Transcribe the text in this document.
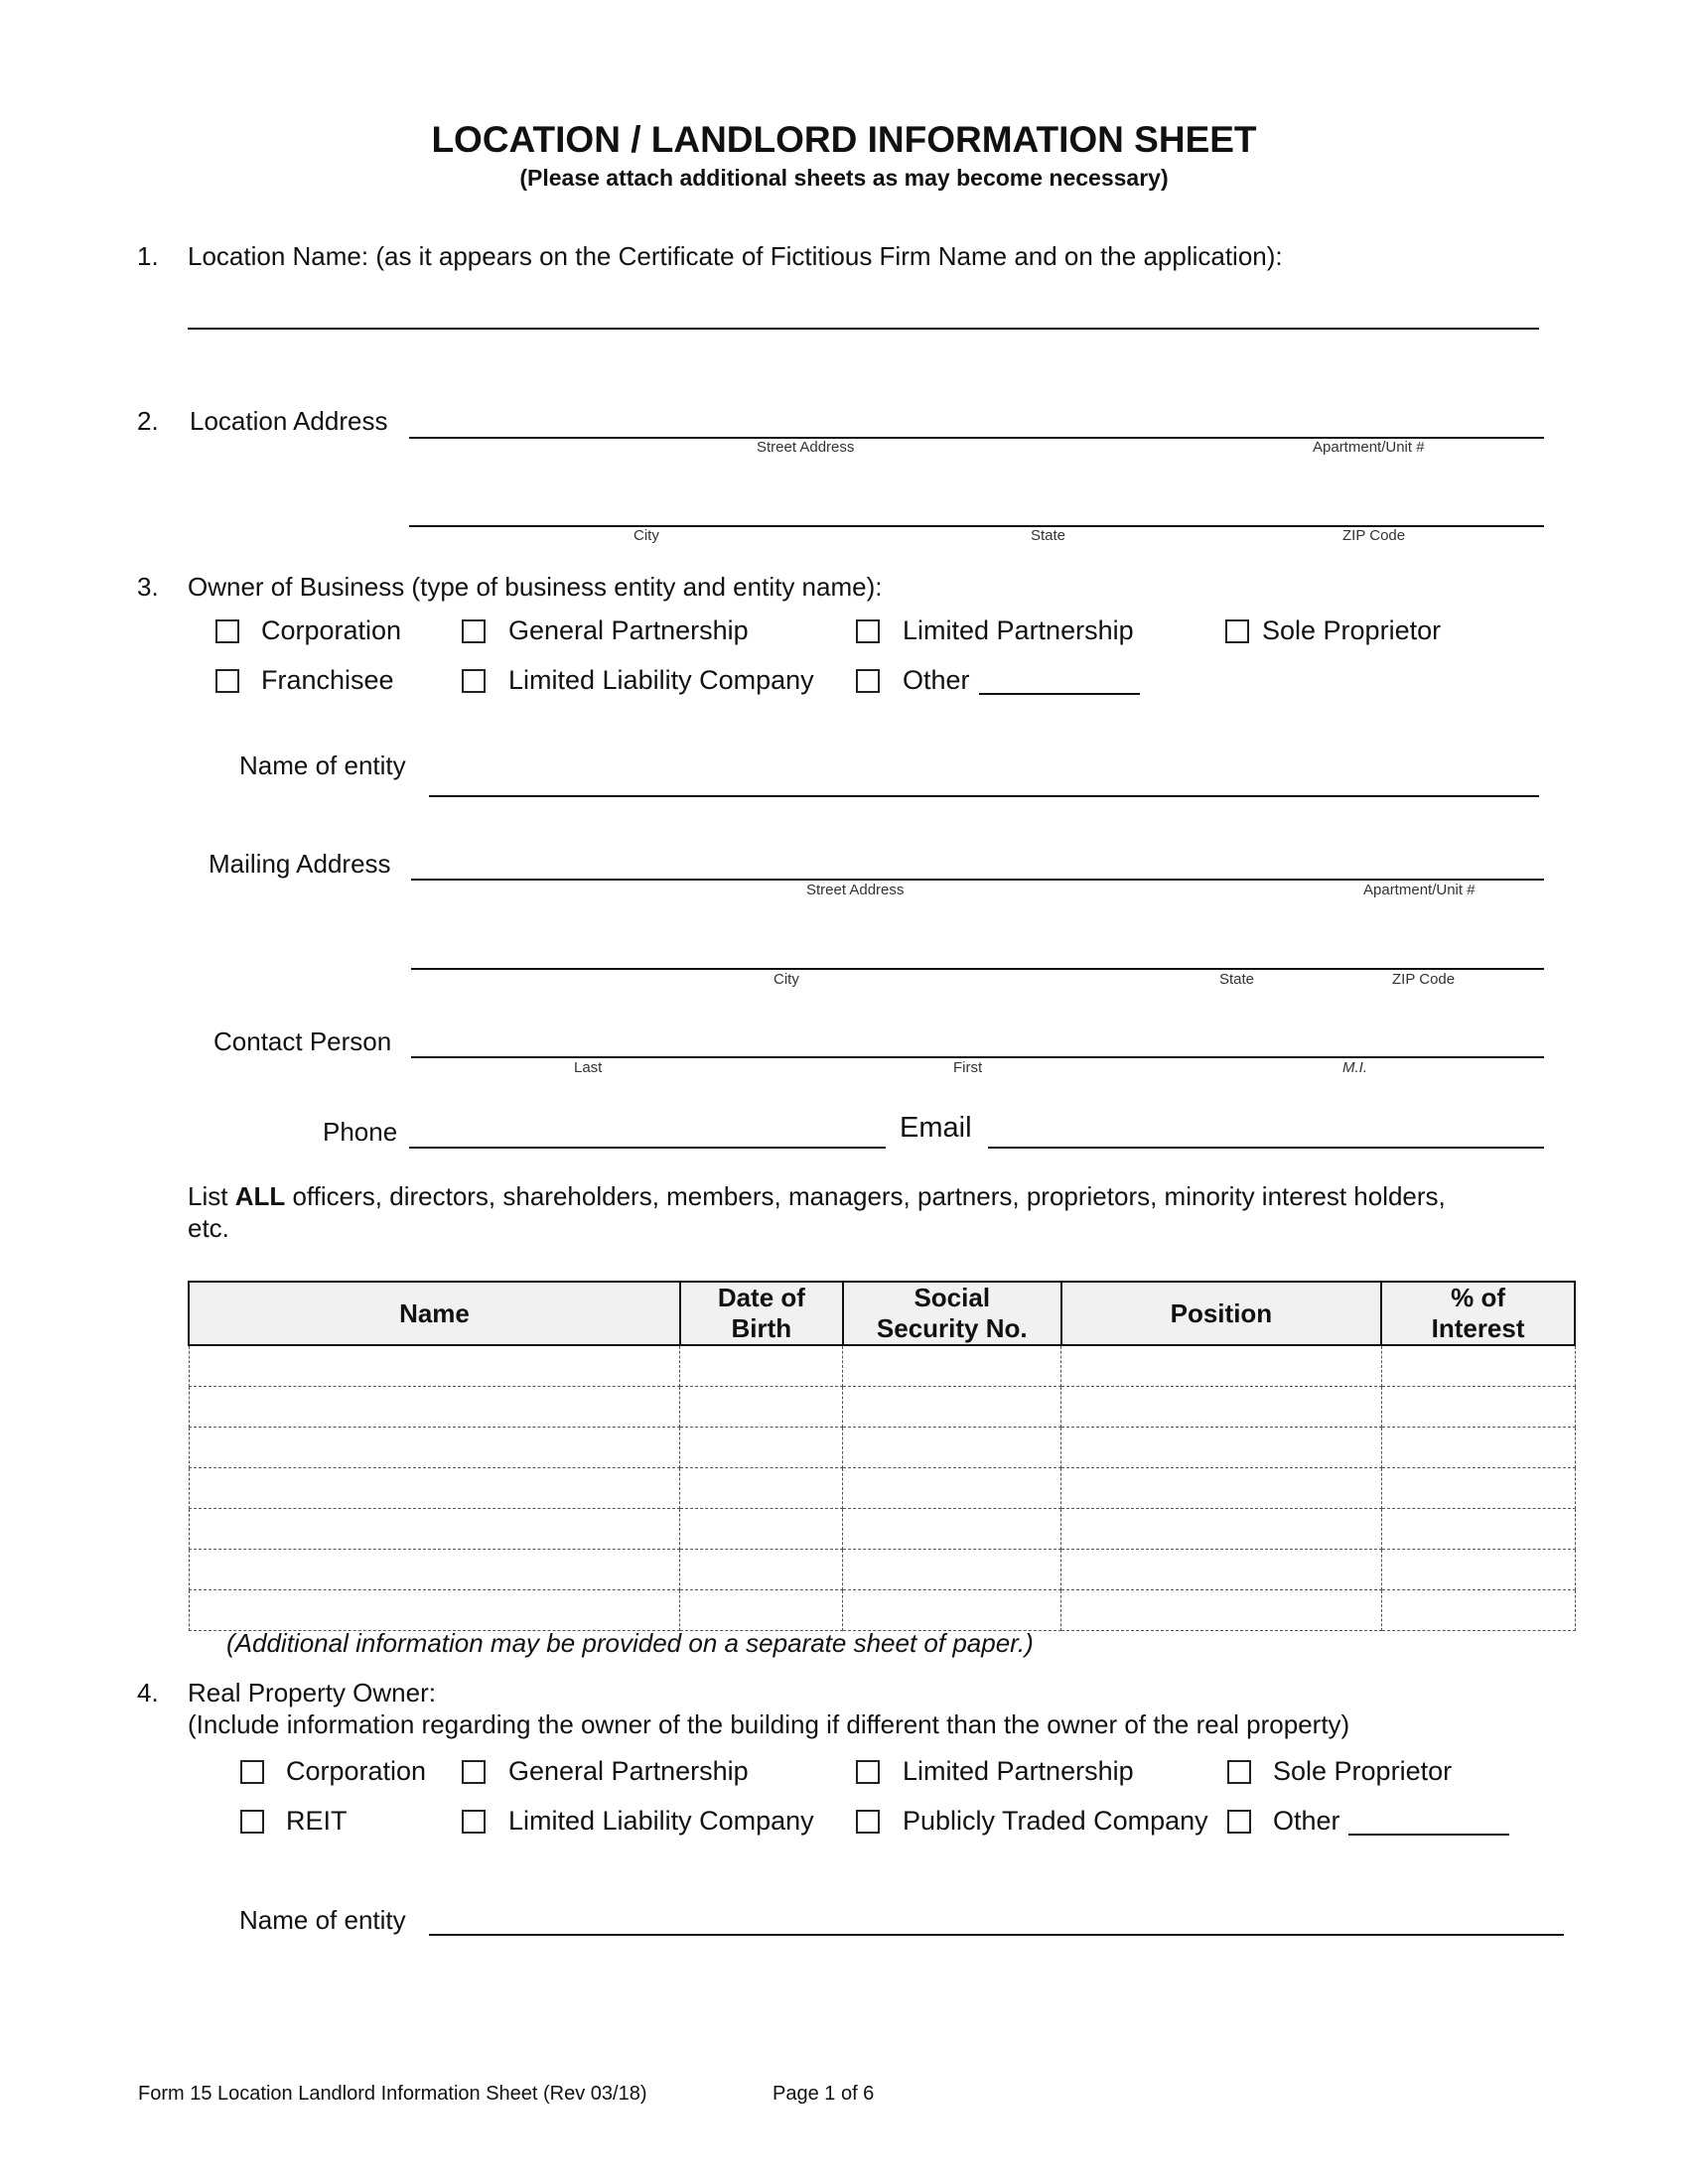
LOCATION / LANDLORD INFORMATION SHEET
(Please attach additional sheets as may become necessary)
1. Location Name: (as it appears on the Certificate of Fictitious Firm Name and on the application):
2. Location Address
Street Address	Apartment/Unit #
City	State	ZIP Code
3. Owner of Business (type of business entity and entity name):
Corporation	General Partnership	Limited Partnership	Sole Proprietor
Franchisee	Limited Liability Company	Other
Name of entity
Mailing Address
Street Address	Apartment/Unit #
City	State	ZIP Code
Contact Person
Last	First	M.I.
Phone	Email
List ALL officers, directors, shareholders, members, managers, partners, proprietors, minority interest holders,
etc.
Name	Date of Birth	Social Security No.	Position	% of Interest

(Additional information may be provided on a separate sheet of paper.)
4. Real Property Owner:
(Include information regarding the owner of the building if different than the owner of the real property)
Corporation	General Partnership	Limited Partnership	Sole Proprietor
REIT	Limited Liability Company	Publicly Traded Company Other
Name of entity
Form 15 Location Landlord Information Sheet (Rev 03/18)	Page 1 of 6
